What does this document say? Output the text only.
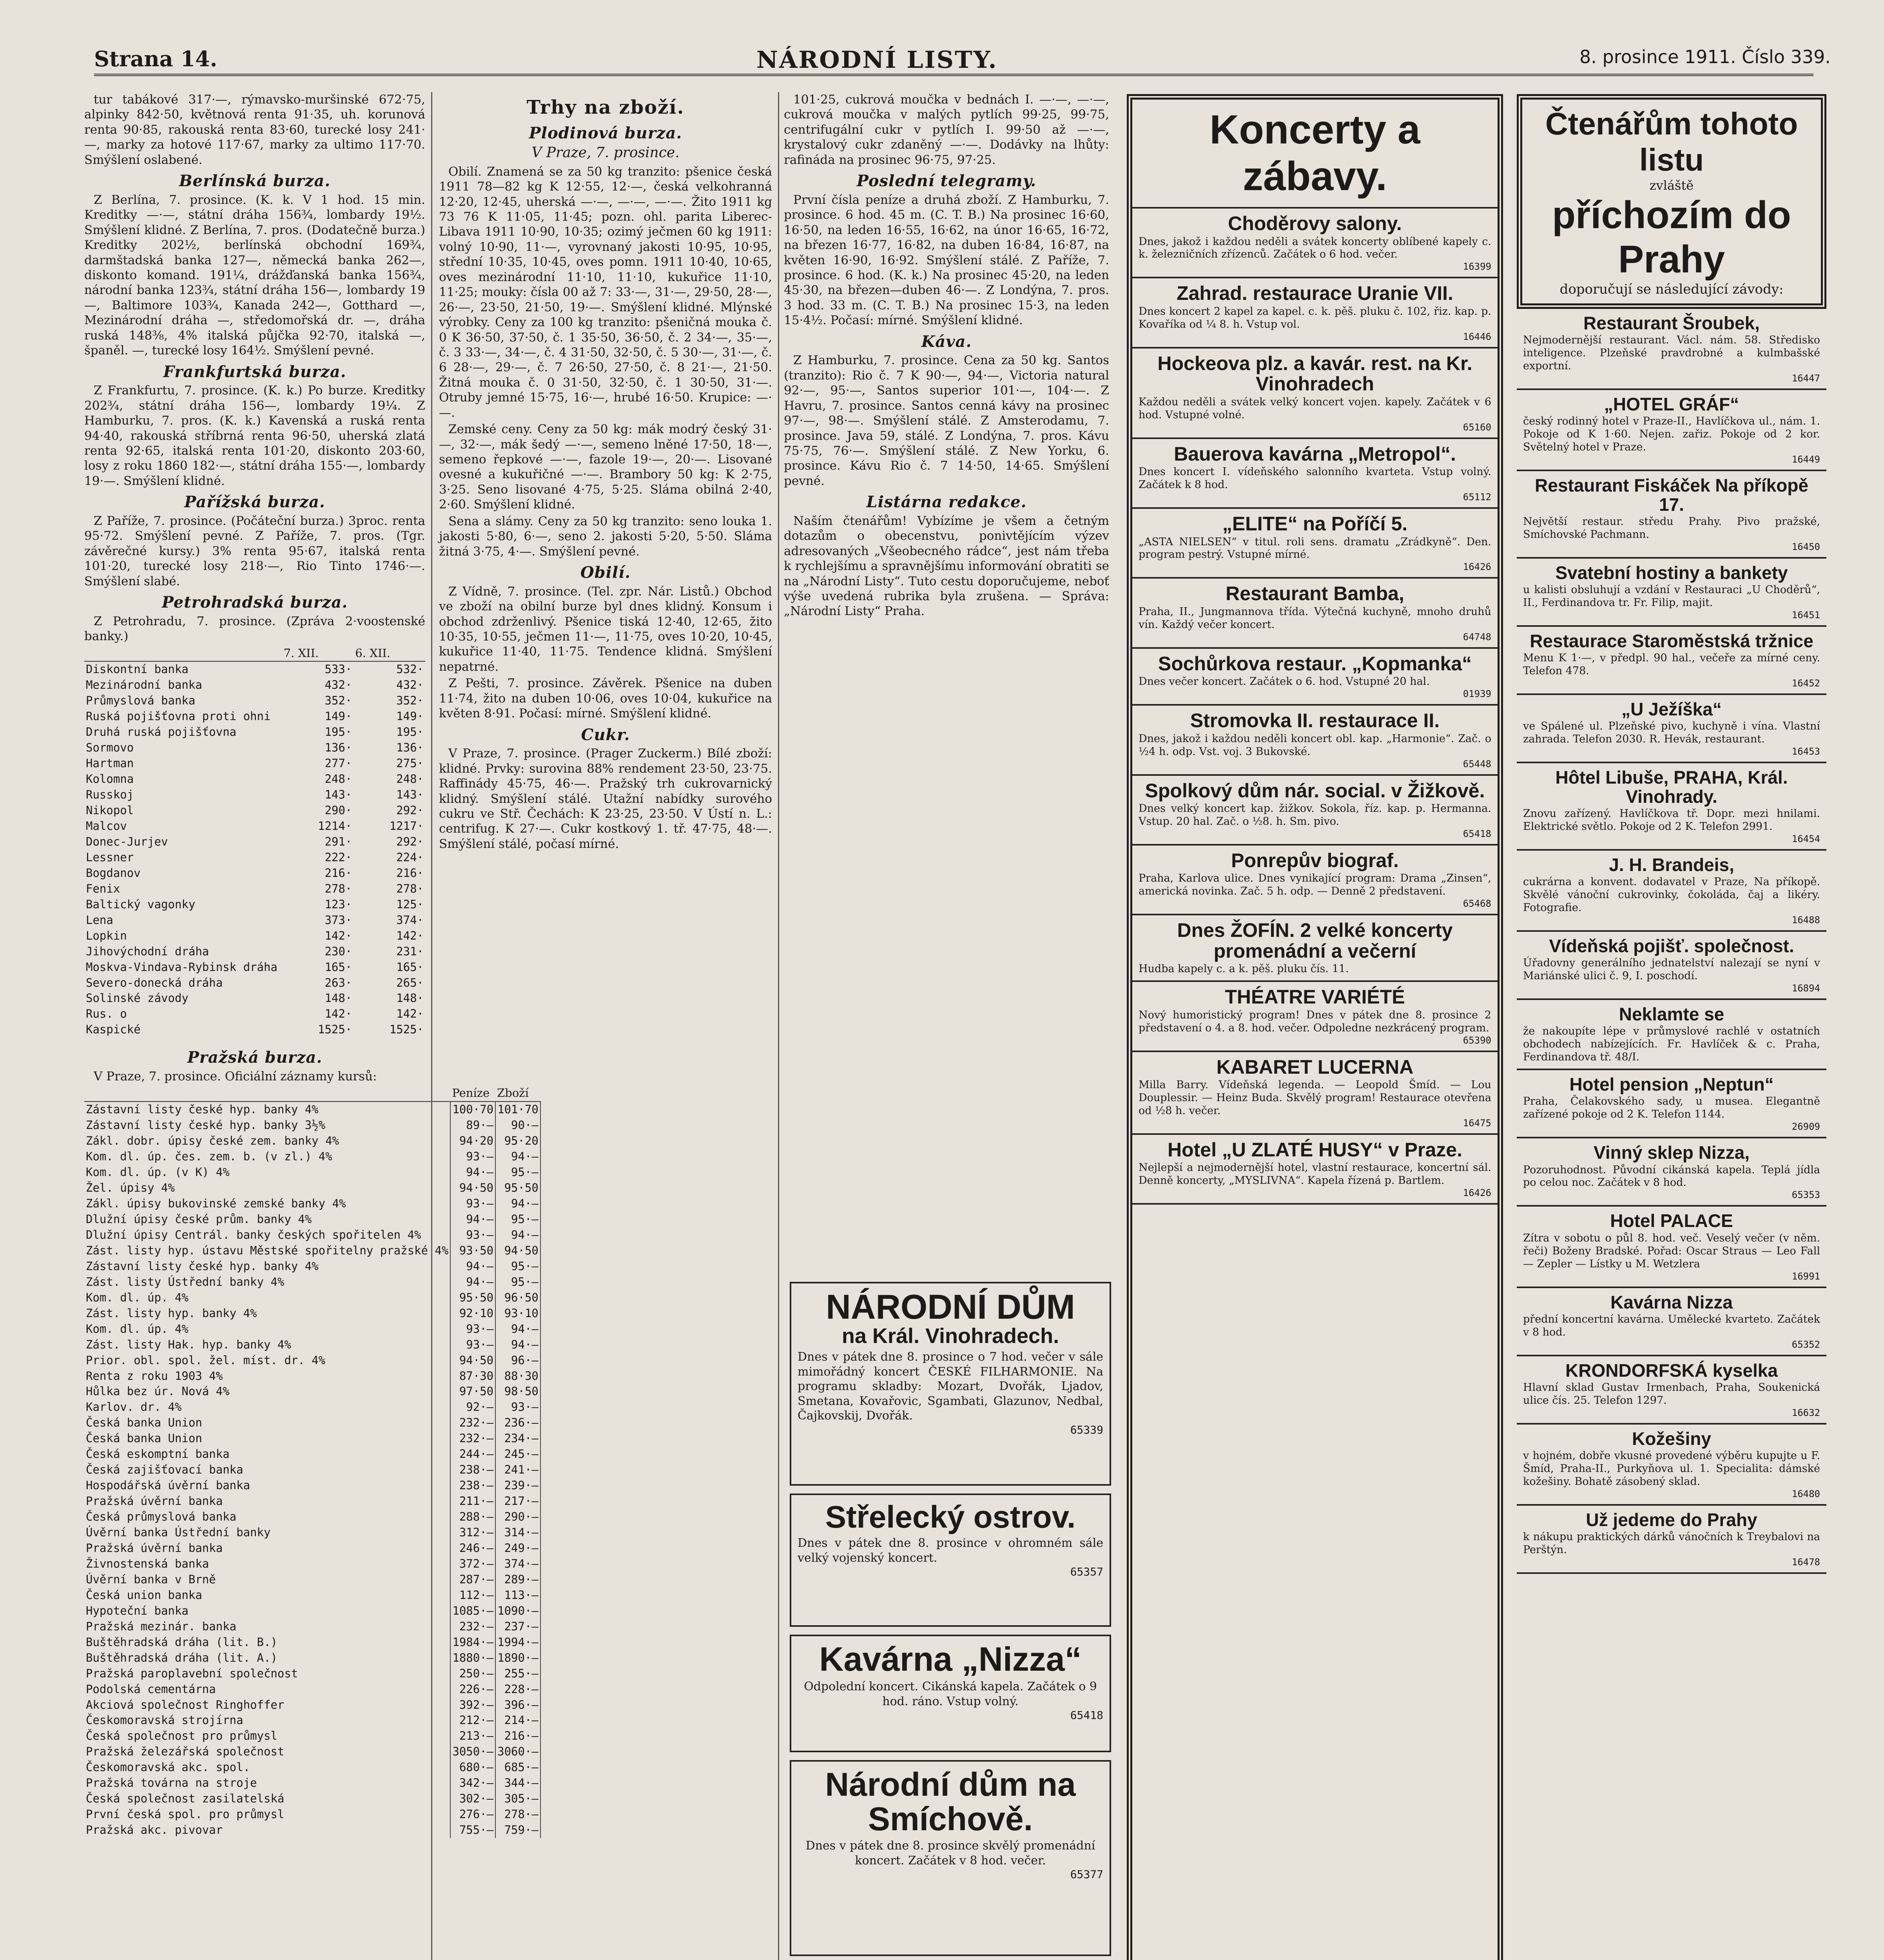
Strana 14.	NÁRODNÍ LISTY.	8. prosince 1911. Číslo 339.

tur tabákové 317·—, rýmavsko-muršinské 672·75, alpinky 842·50, květnová renta 91·35, uh. korunová renta 90·85, rakouská renta 83·60, turecké losy 241·—, marky za hotové 117·67, marky za ultimo 117·70. Smýšlení oslabené.

Berlínská burza.

Z Berlína, 7. prosince. (K. k. V 1 hod. 15 min. Kreditky —·—, státní dráha 156¾, lombardy 19½. Smýšlení klidné. Z Berlína, 7. pros. (Dodatečně burza.) Kreditky 202½, berlínská obchodní 169¾, darmštadská banka 127—, německá banka 262—, diskonto komand. 191¼, drážďanská banka 156¾, národní banka 123¾, státní dráha 156—, lombardy 19—, Baltimore 103¾, Kanada 242—, Gotthard —, Mezinárodní dráha —, středomořská dr. —, dráha ruská 148⅜, 4% italská půjčka 92·70, italská —, španěl. —, turecké losy 164½. Smýšlení pevné.

Frankfurtská burza.

Z Frankfurtu, 7. prosince. (K. k.) Po burze. Kreditky 202¾, státní dráha 156—, lombardy 19¼. Z Hamburku, 7. pros. (K. k.) Kavenská a ruská renta 94·40, rakouská stříbrná renta 96·50, uherská zlatá renta 92·65, italská renta 101·20, diskonto 203·60, losy z roku 1860 182·—, státní dráha 155·—, lombardy 19·—. Smýšlení klidné.

Pařížská burza.

Z Paříže, 7. prosince. (Počáteční burza.) 3proc. renta 95·72. Smýšlení pevné. Z Paříže, 7. pros. (Tgr. závěrečné kursy.) 3% renta 95·67, italská renta 101·20, turecké losy 218·—, Rio Tinto 1746·—. Smýšlení slabé.

Petrohradská burza.

Z Petrohradu, 7. prosince. (Zpráva 2·voostenské banky.)

	7. XII.	6. XII.
Diskontní banka	533·	532·
Mezinárodní banka	432·	432·
Průmyslová banka	352·	352·
Ruská pojišťovna proti ohni	149·	149·
Druhá ruská pojišťovna	195·	195·
Sormovo	136·	136·
Hartman	277·	275·
Kolomna	248·	248·
Russkoj	143·	143·
Nikopol	290·	292·
Malcov	1214·	1217·
Donec-Jurjev	291·	292·
Lessner	222·	224·
Bogdanov	216·	216·
Fenix	278·	278·
Baltický vagonky	123·	125·
Lena	373·	374·
Lopkin	142·	142·
Jihovýchodní dráha	230·	231·
Moskva-Vindava-Rybinsk dráha	165·	165·
Severo-donecká dráha	263·	265·
Solinské závody	148·	148·
Rus. o	142·	142·
Kaspické	1525·	1525·
Pražská burza.

V Praze, 7. prosince. Oficiální záznamy kursů:

	Peníze	Zboží
Zástavní listy české hyp. banky 4%	100·70	101·70
Zástavní listy české hyp. banky 3½%	89·—	90·—
Zákl. dobr. úpisy české zem. banky 4%	94·20	95·20
Kom. dl. úp. čes. zem. b. (v zl.) 4%	93·—	94·—
Kom. dl. úp. (v K) 4%	94·—	95·—
Žel. úpisy 4%	94·50	95·50
Zákl. úpisy bukovinské zemské banky 4%	93·—	94·—
Dlužní úpisy české prům. banky 4%	94·—	95·—
Dlužní úpisy Centrál. banky českých spořitelen 4%	93·—	94·—
Zást. listy hyp. ústavu Městské spořitelny pražské 4%	93·50	94·50
Zástavní listy české hyp. banky 4%	94·—	95·—
Zást. listy Ústřední banky 4%	94·—	95·—
Kom. dl. úp. 4%	95·50	96·50
Zást. listy hyp. banky 4%	92·10	93·10
Kom. dl. úp. 4%	93·—	94·—
Zást. listy Hak. hyp. banky 4%	93·—	94·—
Prior. obl. spol. žel. míst. dr. 4%	94·50	96·—
Renta z roku 1903 4%	87·30	88·30
Hůlka bez úr. Nová 4%	97·50	98·50
Karlov. dr. 4%	92·—	93·—
Česká banka Union	232·—	236·—
Česká banka Union	232·—	234·—
Česká eskomptní banka	244·—	245·—
Česká zajišťovací banka	238·—	241·—
Hospodářská úvěrní banka	238·—	239·—
Pražská úvěrní banka	211·—	217·—
Česká průmyslová banka	288·—	290·—
Úvěrní banka Ústřední banky	312·—	314·—
Pražská úvěrní banka	246·—	249·—
Živnostenská banka	372·—	374·—
Úvěrní banka v Brně	287·—	289·—
Česká union banka	112·—	113·—
Hypoteční banka	1085·—	1090·—
Pražská mezinár. banka	232·—	237·—
Buštěhradská dráha (lit. B.)	1984·—	1994·—
Buštěhradská dráha (lit. A.)	1880·—	1890·—
Pražská paroplavební společnost	250·—	255·—
Podolská cementárna	226·—	228·—
Akciová společnost Ringhoffer	392·—	396·—
Českomoravská strojírna	212·—	214·—
Česká společnost pro průmysl	213·—	216·—
Pražská železářská společnost	3050·—	3060·—
Českomoravská akc. spol.	680·—	685·—
Pražská továrna na stroje	342·—	344·—
Česká společnost zasilatelská	302·—	305·—
První česká spol. pro průmysl	276·—	278·—
Pražská akc. pivovar	755·—	759·—
Trhy na zboží.
Plodinová burza.
V Praze, 7. prosince.

Obilí. Znamená se za 50 kg tranzito: pšenice česká 1911 78—82 kg K 12·55, 12·—, česká velkohranná 12·20, 12·45, uherská —·—, —·—, —·—. Žito 1911 kg 73 76 K 11·05, 11·45; pozn. ohl. parita Liberec-Libava 1911 10·90, 10·35; ozimý ječmen 60 kg 1911: volný 10·90, 11·—, vyrovnaný jakosti 10·95, 10·95, střední 10·35, 10·45, oves pomn. 1911 10·40, 10·65, oves mezinárodní 11·10, 11·10, kukuřice 11·10, 11·25; mouky: čísla 00 až 7: 33·—, 31·—, 29·50, 28·—, 26·—, 23·50, 21·50, 19·—. Smýšlení klidné. Mlýnské výrobky. Ceny za 100 kg tranzito: pšeničná mouka č. 0 K 36·50, 37·50, č. 1 35·50, 36·50, č. 2 34·—, 35·—, č. 3 33·—, 34·—, č. 4 31·50, 32·50, č. 5 30·—, 31·—, č. 6 28·—, 29·—, č. 7 26·50, 27·50, č. 8 21·—, 21·50. Žitná mouka č. 0 31·50, 32·50, č. 1 30·50, 31·—. Otruby jemné 15·75, 16·—, hrubé 16·50. Krupice: —·—.

Zemské ceny. Ceny za 50 kg: mák modrý český 31·—, 32·—, mák šedý —·—, semeno lněné 17·50, 18·—, semeno řepkové —·—, fazole 19·—, 20·—. Lisované ovesné a kukuřičné —·—. Brambory 50 kg: K 2·75, 3·25. Seno lisované 4·75, 5·25. Sláma obilná 2·40, 2·60. Smýšlení klidné.

Sena a slámy. Ceny za 50 kg tranzito: seno louka 1. jakosti 5·80, 6·—, seno 2. jakosti 5·20, 5·50. Sláma žitná 3·75, 4·—. Smýšlení pevné.

Obilí.

Z Vídně, 7. prosince. (Tel. zpr. Nár. Listů.) Obchod ve zboží na obilní burze byl dnes klidný. Konsum i obchod zdrženlivý. Pšenice tiská 12·40, 12·65, žito 10·35, 10·55, ječmen 11·—, 11·75, oves 10·20, 10·45, kukuřice 11·40, 11·75. Tendence klidná. Smýšlení nepatrné.

Z Pešti, 7. prosince. Závěrek. Pšenice na duben 11·74, žito na duben 10·06, oves 10·04, kukuřice na květen 8·91. Počasí: mírné. Smýšlení klidné.

Cukr.

V Praze, 7. prosince. (Prager Zuckerm.) Bílé zboží: klidné. Prvky: surovina 88% rendement 23·50, 23·75. Raffinády 45·75, 46·—. Pražský trh cukrovarnický klidný. Smýšlení stálé. Utažní nabídky surového cukru ve Stř. Čechách: K 23·25, 23·50. V Ústí n. L.: centrifug. K 27·—. Cukr kostkový 1. tř. 47·75, 48·—. Smýšlení stálé, počasí mírné.

101·25, cukrová moučka v bednách I. —·—, —·—, cukrová moučka v malých pytlích 99·25, 99·75, centrifugální cukr v pytlích I. 99·50 až —·—, krystalový cukr zdaněný —·—. Dodávky na lhůty: rafináda na prosinec 96·75, 97·25.

Poslední telegramy.

První čísla peníze a druhá zboží. Z Hamburku, 7. prosince. 6 hod. 45 m. (C. T. B.) Na prosinec 16·60, 16·50, na leden 16·55, 16·62, na únor 16·65, 16·72, na březen 16·77, 16·82, na duben 16·84, 16·87, na květen 16·90, 16·92. Smýšlení stálé. Z Paříže, 7. prosince. 6 hod. (K. k.) Na prosinec 45·20, na leden 45·30, na březen—duben 46·—. Z Londýna, 7. pros. 3 hod. 33 m. (C. T. B.) Na prosinec 15·3, na leden 15·4½. Počasí: mírné. Smýšlení klidné.

Káva.

Z Hamburku, 7. prosince. Cena za 50 kg. Santos (tranzito): Rio č. 7 K 90·—, 94·—, Victoria natural 92·—, 95·—, Santos superior 101·—, 104·—. Z Havru, 7. prosince. Santos cenná kávy na prosinec 97·—, 98·—. Smýšlení stálé. Z Amsterodamu, 7. prosince. Java 59, stálé. Z Londýna, 7. pros. Kávu 75·75, 76·—. Smýšlení stálé. Z New Yorku, 6. prosince. Kávu Rio č. 7 14·50, 14·65. Smýšlení pevné.

Listárna redakce.

Naším čtenářům! Vybízíme je všem a četným dotazům o obecenstvu, ponivtějícím výzev adresovaných „Všeobecného rádce“, jest nám třeba k rychlejšímu a spravnějšímu informování obratiti se na „Národní Listy“. Tuto cestu doporučujeme, neboť výše uvedená rubrika byla zrušena. — Správa: „Národní Listy“ Praha.

NÁRODNÍ DŮM
na Král. Vinohradech.
Dnes v pátek dne 8. prosince o 7 hod. večer v sále mimořádný koncert ČESKÉ FILHARMONIE. Na programu skladby: Mozart, Dvořák, Ljadov, Smetana, Kovařovic, Sgambati, Glazunov, Nedbal, Čajkovskij, Dvořák.
65339
Střelecký ostrov.
Dnes v pátek dne 8. prosince v ohromném sále velký vojenský koncert.
65357
Kavárna „Nizza“
Odpolední koncert. Cikánská kapela. Začátek o 9 hod. ráno. Vstup volný.
65418
Národní dům na Smíchově.
Dnes v pátek dne 8. prosince skvělý promenádní koncert. Začátek v 8 hod. večer.
65377
Koncerty a zábavy.
Choděrovy salony.
Dnes, jakož i každou neděli a svátek koncerty oblíbené kapely c. k. železničních zřízenců. Začátek o 6 hod. večer.
16399
Zahrad. restaurace Uranie VII.
Dnes koncert 2 kapel za kapel. c. k. pěš. pluku č. 102, řiz. kap. p. Kovaříka od ¼ 8. h. Vstup vol.
16446
Hockeova plz. a kavár. rest. na Kr. Vinohradech
Každou neděli a svátek velký koncert vojen. kapely. Začátek v 6 hod. Vstupné volné.
65160
Bauerova kavárna „Metropol“.
Dnes koncert I. vídeňského salonního kvarteta. Vstup volný. Začátek k 8 hod.
65112
„ELITE“ na Poříčí 5.
„ASTA NIELSEN“ v titul. roli sens. dramatu „Zrádkyně“. Den. program pestrý. Vstupné mírné.
16426
Restaurant Bamba,
Praha, II., Jungmannova třída. Výtečná kuchyně, mnoho druhů vín. Každý večer koncert.
64748
Sochůrkova restaur. „Kopmanka“
Dnes večer koncert. Začátek o 6. hod. Vstupné 20 hal.
01939
Stromovka II. restaurace II.
Dnes, jakož i každou neděli koncert obl. kap. „Harmonie“. Zač. o ½4 h. odp. Vst. voj. 3 Bukovské.
65448
Spolkový dům nár. social. v Žižkově.
Dnes velký koncert kap. žižkov. Sokola, říz. kap. p. Hermanna. Vstup. 20 hal. Zač. o ½8. h. Sm. pivo.
65418
Ponrepův biograf.
Praha, Karlova ulice. Dnes vynikající program: Drama „Zinsen“, americká novinka. Zač. 5 h. odp. — Denně 2 představení.
65468
Dnes ŽOFÍN. 2 velké koncerty promenádní a večerní
Hudba kapely c. a k. pěš. pluku čís. 11.
THÉATRE VARIÉTÉ
Nový humoristický program! Dnes v pátek dne 8. prosince 2 představení o 4. a 8. hod. večer. Odpoledne nezkrácený program.
65390
KABARET LUCERNA
Milla Barry. Vídeňská legenda. — Leopold Šmíd. — Lou Douplessir. — Heinz Buda. Skvělý program! Restaurace otevřena od ½8 h. večer.
16475
Hotel „U ZLATÉ HUSY“ v Praze.
Nejlepší a nejmodernější hotel, vlastní restaurace, koncertní sál. Denně koncerty, „MYSLIVNA“. Kapela řízená p. Bartlem.
16426
Čtenářům tohoto listu
zvláště
příchozím do Prahy
doporučují se následující závody:
Restaurant Šroubek,
Nejmodernější restaurant. Václ. nám. 58. Středisko inteligence. Plzeňské pravdrobné a kulmbašské exportní.
16447
„HOTEL GRÁF“
český rodinný hotel v Praze-II., Havlíčkova ul., nám. 1. Pokoje od K 1·60. Nejen. zařiz. Pokoje od 2 kor. Světelný hotel v Praze.
16449
Restaurant Fiskáček Na příkopě 17.
Největší restaur. středu Prahy. Pivo pražské, Smíchovské Pachmann.
16450
Svatební hostiny a bankety
u kalisti obsluhují a vzdání v Restauraci „U Choděrů“, II., Ferdinandova tr. Fr. Filip, majit.
16451
Restaurace Staroměstská tržnice
Menu K 1·—, v předpl. 90 hal., večeře za mírné ceny. Telefon 478.
16452
„U Ježíška“
ve Spálené ul. Plzeňské pivo, kuchyně i vína. Vlastní zahrada. Telefon 2030. R. Hevák, restaurant.
16453
Hôtel Libuše, PRAHA, Král. Vinohrady.
Znovu zařízený. Havlíčkova tř. Dopr. mezi hnilami. Elektrické světlo. Pokoje od 2 K. Telefon 2991.
16454
J. H. Brandeis,
cukrárna a konvent. dodavatel v Praze, Na příkopě. Skvělé vánoční cukrovinky, čokoláda, čaj a likéry. Fotografie.
16488
Vídeňská pojišť. společnost.
Úřadovny generálního jednatelství nalezají se nyní v Mariánské ulici č. 9, I. poschodí.
16894
Neklamte se
že nakoupíte lépe v průmyslové rachlé v ostatních obchodech nabízejících. Fr. Havlíček & c. Praha, Ferdinandova tř. 48/I.
Hotel pension „Neptun“
Praha, Čelakovského sady, u musea. Elegantně zařízené pokoje od 2 K. Telefon 1144.
26909
Vinný sklep Nizza,
Pozoruhodnost. Původní cikánská kapela. Teplá jídla po celou noc. Začátek v 8 hod.
65353
Hotel PALACE
Zítra v sobotu o půl 8. hod. več. Veselý večer (v něm. řeči) Boženy Bradské. Pořad: Oscar Straus — Leo Fall — Zepler — Lístky u M. Wetzlera
16991
Kavárna Nizza
přední koncertní kavárna. Umělecké kvarteto. Začátek v 8 hod.
65352
KRONDORFSKÁ kyselka
Hlavní sklad Gustav Irmenbach, Praha, Soukenická ulice čís. 25. Telefon 1297.
16632
Kožešiny
v hojném, dobře vkusné provedené výběru kupujte u F. Šmíd, Praha-II., Purkyňova ul. 1. Specialita: dámské kožešiny. Bohatě zásobený sklad.
16480
Už jedeme do Prahy
k nákupu praktických dárků vánočních k Treybalovi na Perštýn.
16478
